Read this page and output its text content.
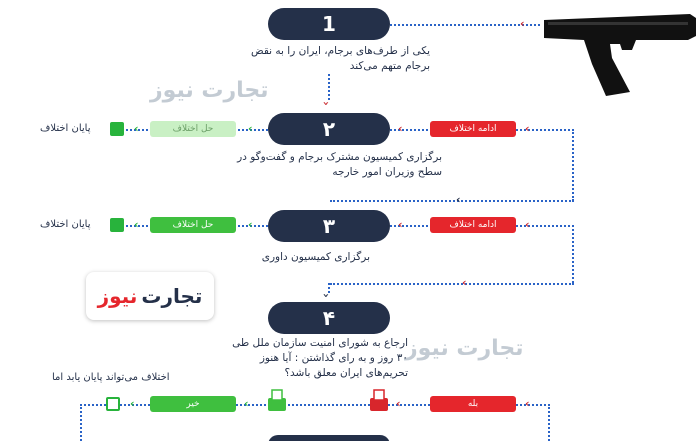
تجارت نیوز
تجارت نیوز
تجارت
نیوز
‹
1
یکی از طرف‌های برجام، ایران را به نقض برجام متهم می‌کند
‹
۲
برگزاری کمیسیون مشترک برجام و گفت‌وگو در سطح وزیران امور خارجه
‹	ادامه اختلاف	‹
‹
حل اختلاف	‹
‹
پایان اختلاف
۳
برگزاری کمیسیون داوری
‹	ادامه اختلاف	‹
‹
‹
حل اختلاف	‹
‹
پایان اختلاف
۴
ارجاع به شورای امنیت سازمان ملل طی ۳۰ روز و به رای گذاشتن : آیا هنوز تحریم‌های ایران معلق باشد؟
‹	بله	‹
‹
خیر
‹
اختلاف می‌تواند پایان یابد اما
